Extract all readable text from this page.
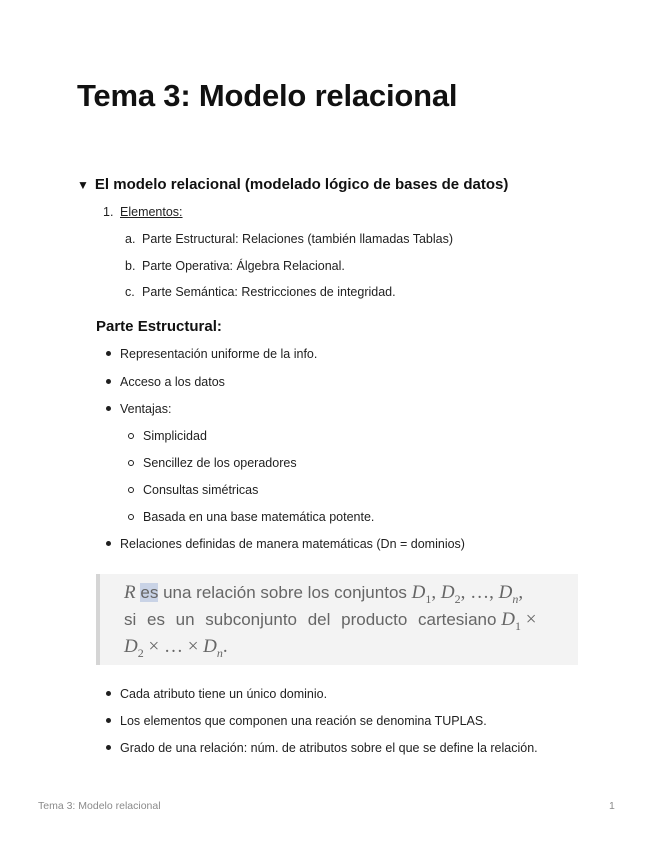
Tema 3: Modelo relacional
▼ El modelo relacional (modelado lógico de bases de datos)
1. Elementos:
a. Parte Estructural: Relaciones (también llamadas Tablas)
b. Parte Operativa: Álgebra Relacional.
c. Parte Semántica: Restricciones de integridad.
Parte Estructural:
Representación uniforme de la info.
Acceso a los datos
Ventajas:
Simplicidad
Sencillez de los operadores
Consultas simétricas
Basada en una base matemática potente.
Relaciones definidas de manera matemáticas (Dn = dominios)
R es una relación sobre los conjuntos $D_1$, $D_2$, …, $D_n$,
si es un subconjunto del producto cartesiano $D_1$ ×
$D_2$ × … × $D_n$.
Cada atributo tiene un único dominio.
Los elementos que componen una reación se denomina TUPLAS.
Grado de una relación: núm. de atributos sobre el que se define la relación.
Tema 3: Modelo relacional	1
